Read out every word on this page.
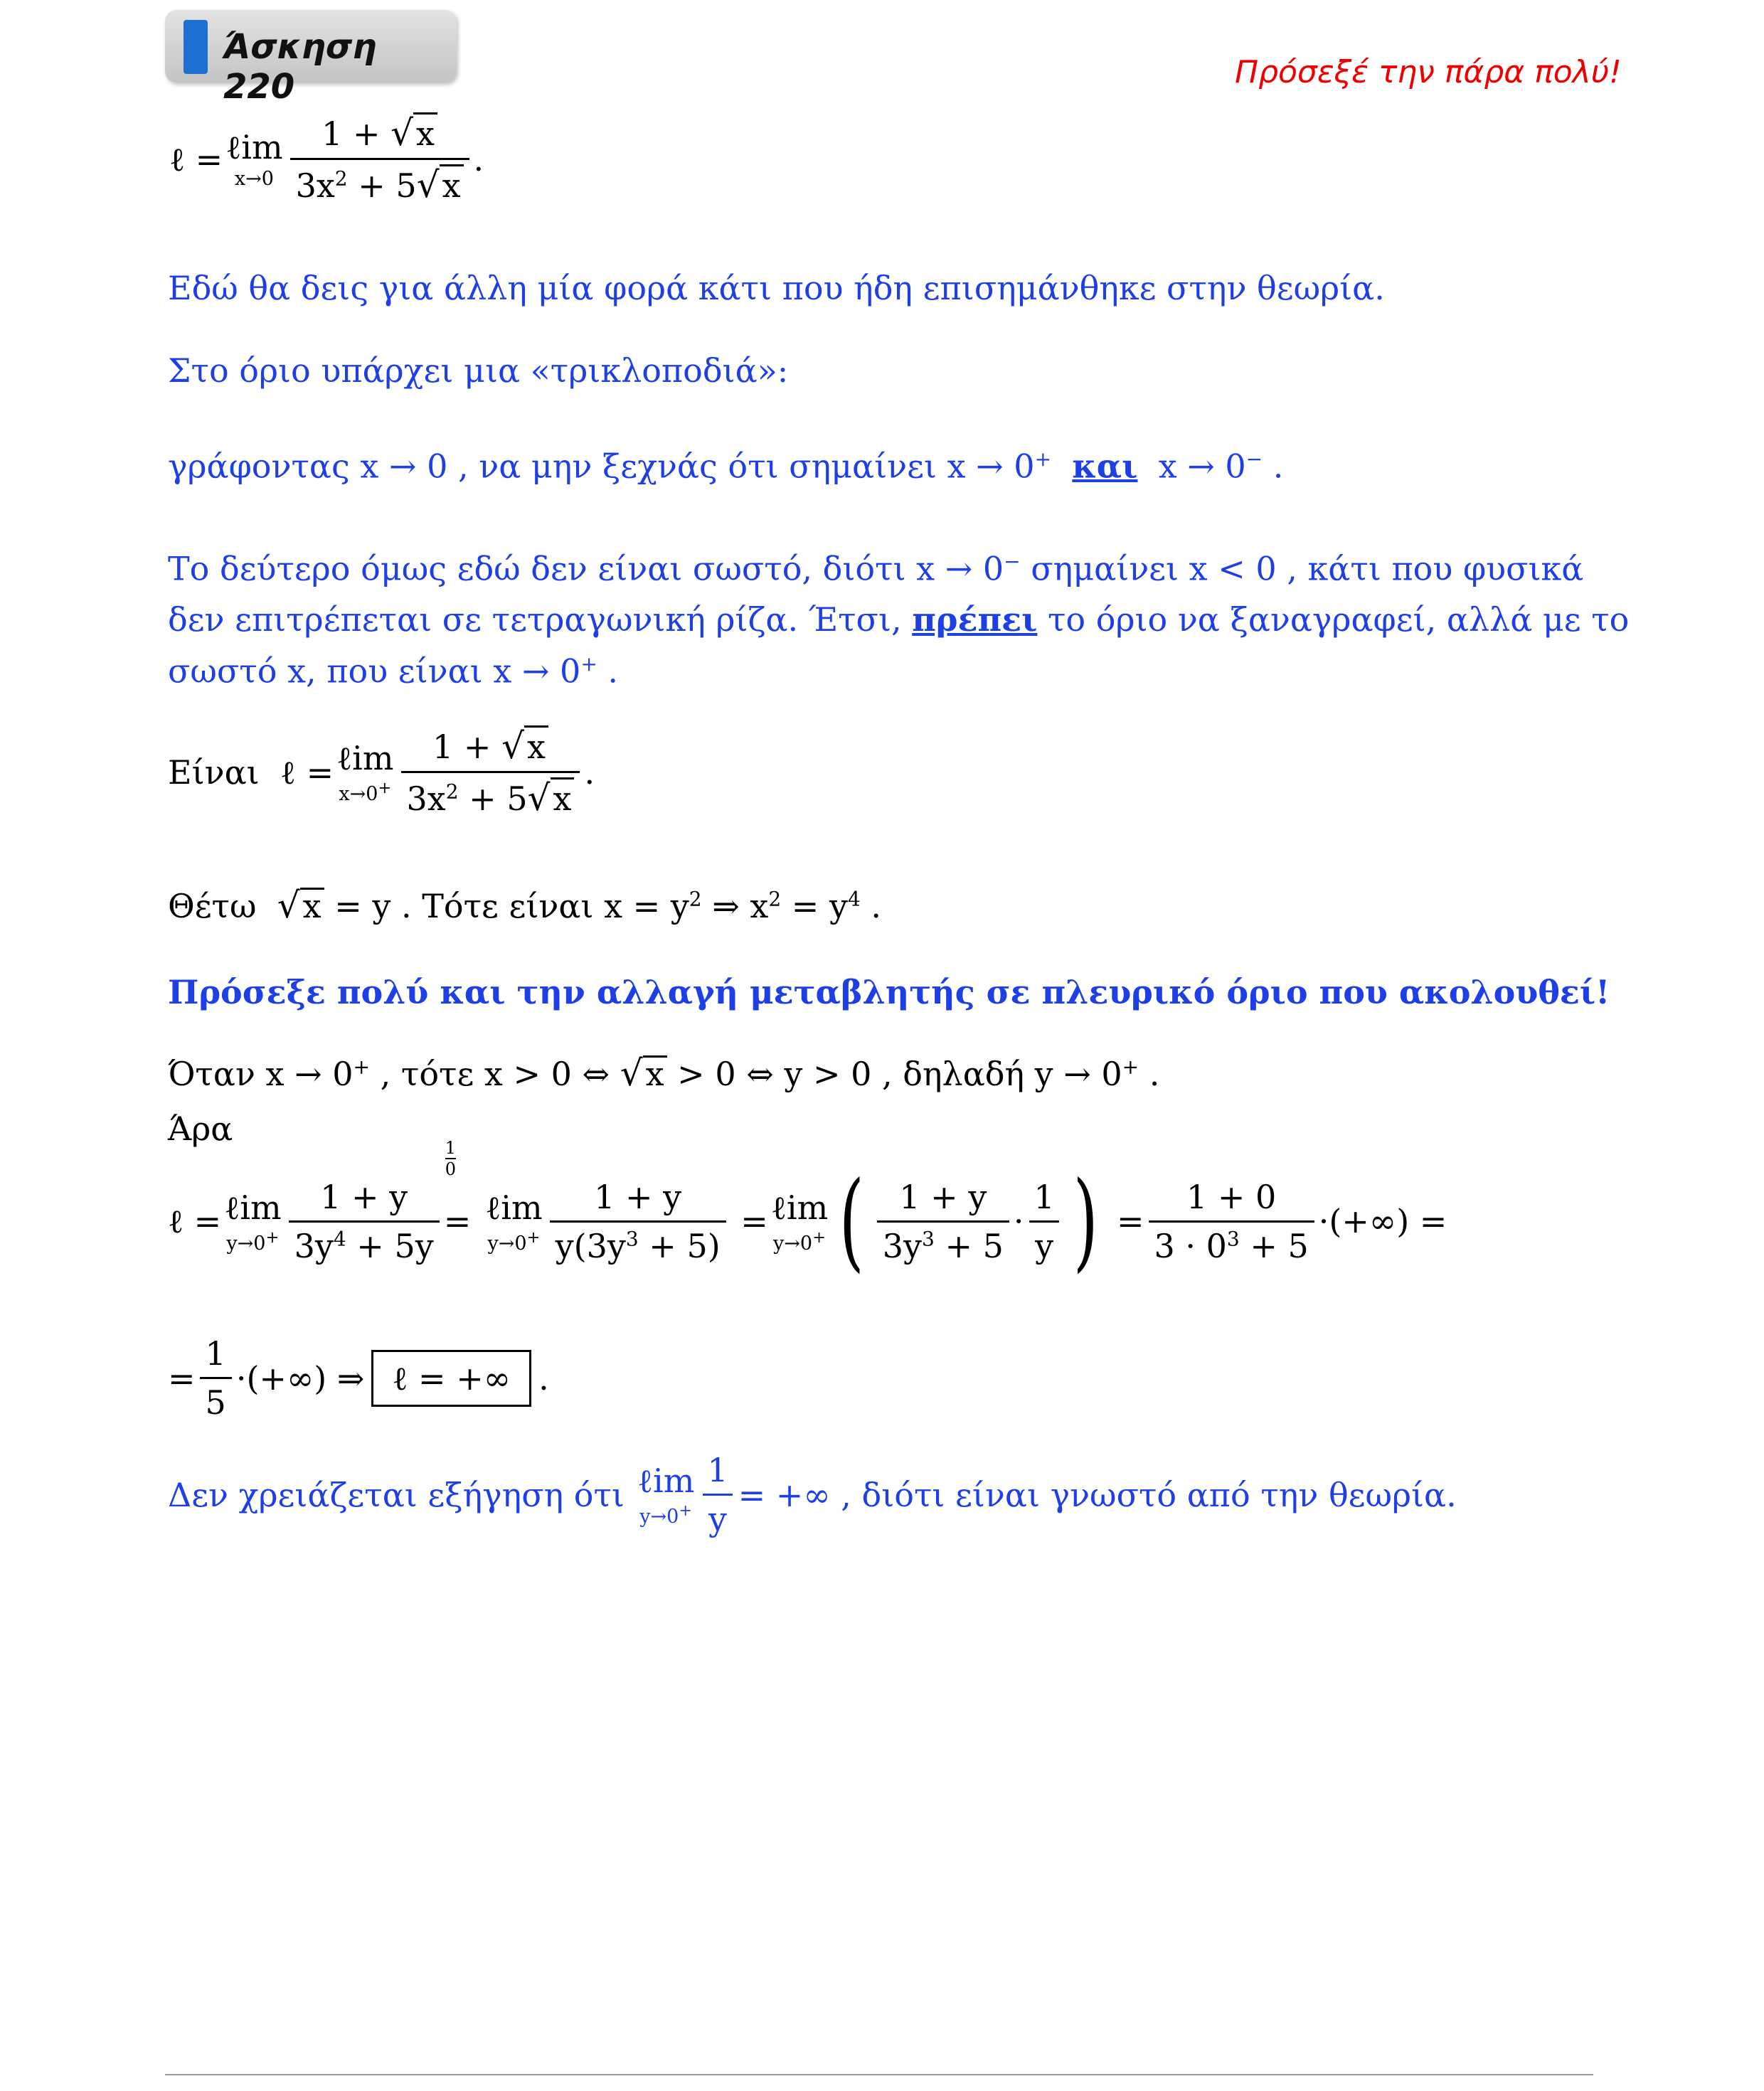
Άσκηση 220	Πρόσεξέ την πάρα πολύ!
ℓ = ℓim
$x\to 0 \frac{1 + √x}{3x^2 + 5√x}$ .
Εδώ θα δεις για άλλη μία φορά κάτι που ήδη επισημάνθηκε στην θεωρία.
Στο όριο υπάρχει μια «τρικλοποδιά»:
γράφοντας x → 0 , να μην ξεχνάς ότι σημαίνει x → 0+ και x → 0− .
Το δεύτερο όμως εδώ δεν είναι σωστό, διότι x → 0− σημαίνει x < 0 , κάτι που φυσικά
δεν επιτρέπεται σε τετραγωνική ρίζα. Έτσι, πρέπει το όριο να ξαναγραφεί, αλλά με το
σωστό x, που είναι x → 0+ .
Είναι ℓ = ℓim
$x\to 0^+ \frac{1 + √x}{3x^2 + 5√x}$ .
Θέτω √x = y . Τότε είναι $x = y^2$ ⇒ $x^2 = y^4$ .
Πρόσεξε πολύ και την αλλαγή μεταβλητής σε πλευρικό όριο που ακολουθεί!
Όταν x → 0+ , τότε x > 0 ⇔ √x > 0 ⇔ y > 0 , δηλαδή y → 0+ .
Άρα
ℓ = ℓim
$y\to 0^+ \frac{1 + y}{3y^4 + 5y}$ =
1
0
ℓim
$y\to 0^+ \frac{1 + y}{y(3y^3 + 5)}$ = ℓim
y→0+ ( $\frac{1 + y}{3y^3 + 5} \cdot \frac{1}{y}$ ) = $\frac{1 + 0}{3 \cdot 0^3 + 5}$ ·(+∞) =
= $\frac{1}{5}$ ·(+∞) ⇒ ℓ = +∞ .
Δεν χρειάζεται εξήγηση ότι ℓim
$y\to 0^+ \frac{1}{y}$ = +∞ , διότι είναι γνωστό από την θεωρία.
